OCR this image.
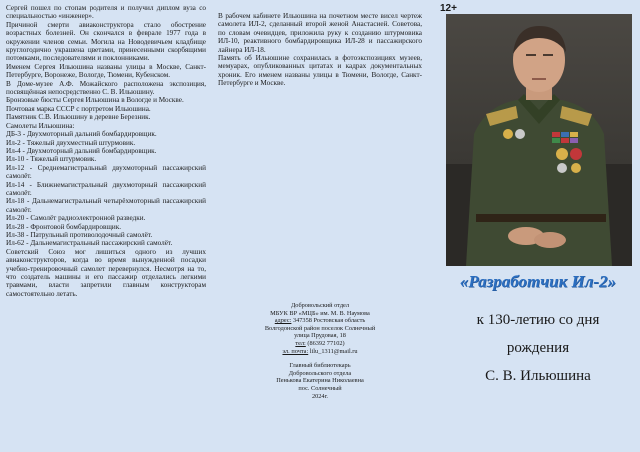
Сергей пошел по стопам родителя и получил диплом вуза со специальностью «инженер».

Причиной смерти авиаконструктора стало обострение возрастных болезней. Он скончался в феврале 1977 года в окружении членов семьи. Могила на Новодевичьем кладбище круглогодично украшена цветами, принесенными скорбящими потомками, последователями и поклонниками.

Именем Сергея Ильюшина названы улицы в Москве, Санкт-Петербурге, Воронеже, Вологде, Тюмени, Кубенском.

В Доме-музее А.Ф. Можайского расположена экспозиция, посвящённая непосредственно С. В. Ильюшину.

Бронзовые бюсты Сергея Ильюшина в Вологде и Москве.

Почтовая марка СССР с портретом Ильюшина.

Памятник С.В. Ильюшину в деревне Березник.

Самолеты Ильюшина:

ДБ-3 - Двухмоторный дальний бомбардировщик.

Ил-2 - Тяжелый двухместный штурмовик.

Ил-4 - Двухмоторный дальний бомбардировщик.

Ил-10 - Тяжелый штурмовик.

Ил-12 - Среднемагистральный двухмоторный пассажирский самолёт.

Ил-14 - Ближнемагистральный двухмоторный пассажирский самолёт.

Ил-18 - Дальнемагистральный четырёхмоторный пассажирский самолёт.

Ил-20 - Самолёт радиоэлектронной разведки.

Ил-28 - Фронтовой бомбардировщик.

Ил-38 - Патрульный противолодочный самолёт.

Ил-62 - Дальнемагистральный пассажирский самолёт.

Советский Союз мог лишиться одного из лучших авиаконструкторов, когда во время вынужденной посадки учебно-тренировочный самолет перевернулся. Несмотря на то, что создатель машины и его пассажир отделались легкими травмами, власти запретили главным конструкторам самостоятельно летать.

В рабочем кабинете Ильюшина на почетном месте висел чертеж самолета ИЛ-2, сделанный второй женой Анастасией. Советова, по словам очевидцев, приложила руку к созданию штурмовика ИЛ-10, реактивного бомбардировщика ИЛ-28 и пассажирского лайнера ИЛ-18.

Память об Ильюшине сохранилась в фотоэкспозициях музеев, мемуарах, опубликованных цитатах и кадрах документальных хроник. Его именем названы улицы в Тюмени, Вологде, Санкт-Петербурге и Москве.

Добровольский отдел

МБУК ВР «МЦБ» им. М. В. Наумова

адрес: 347358 Ростовская область

Волгодонской район поселок Солнечный

улица Прудовая, 18

тел: (86392 77102)

эл. почта: lilu_1311@mail.ru

Главный библиотекарь

Добровольского отдела

Пенькова Екатерина Николаевна

пос. Солнечный

2024г.

12+

«Разработчик Ил-2»

к 130-летию со дня

рождения

С. В. Ильюшина
